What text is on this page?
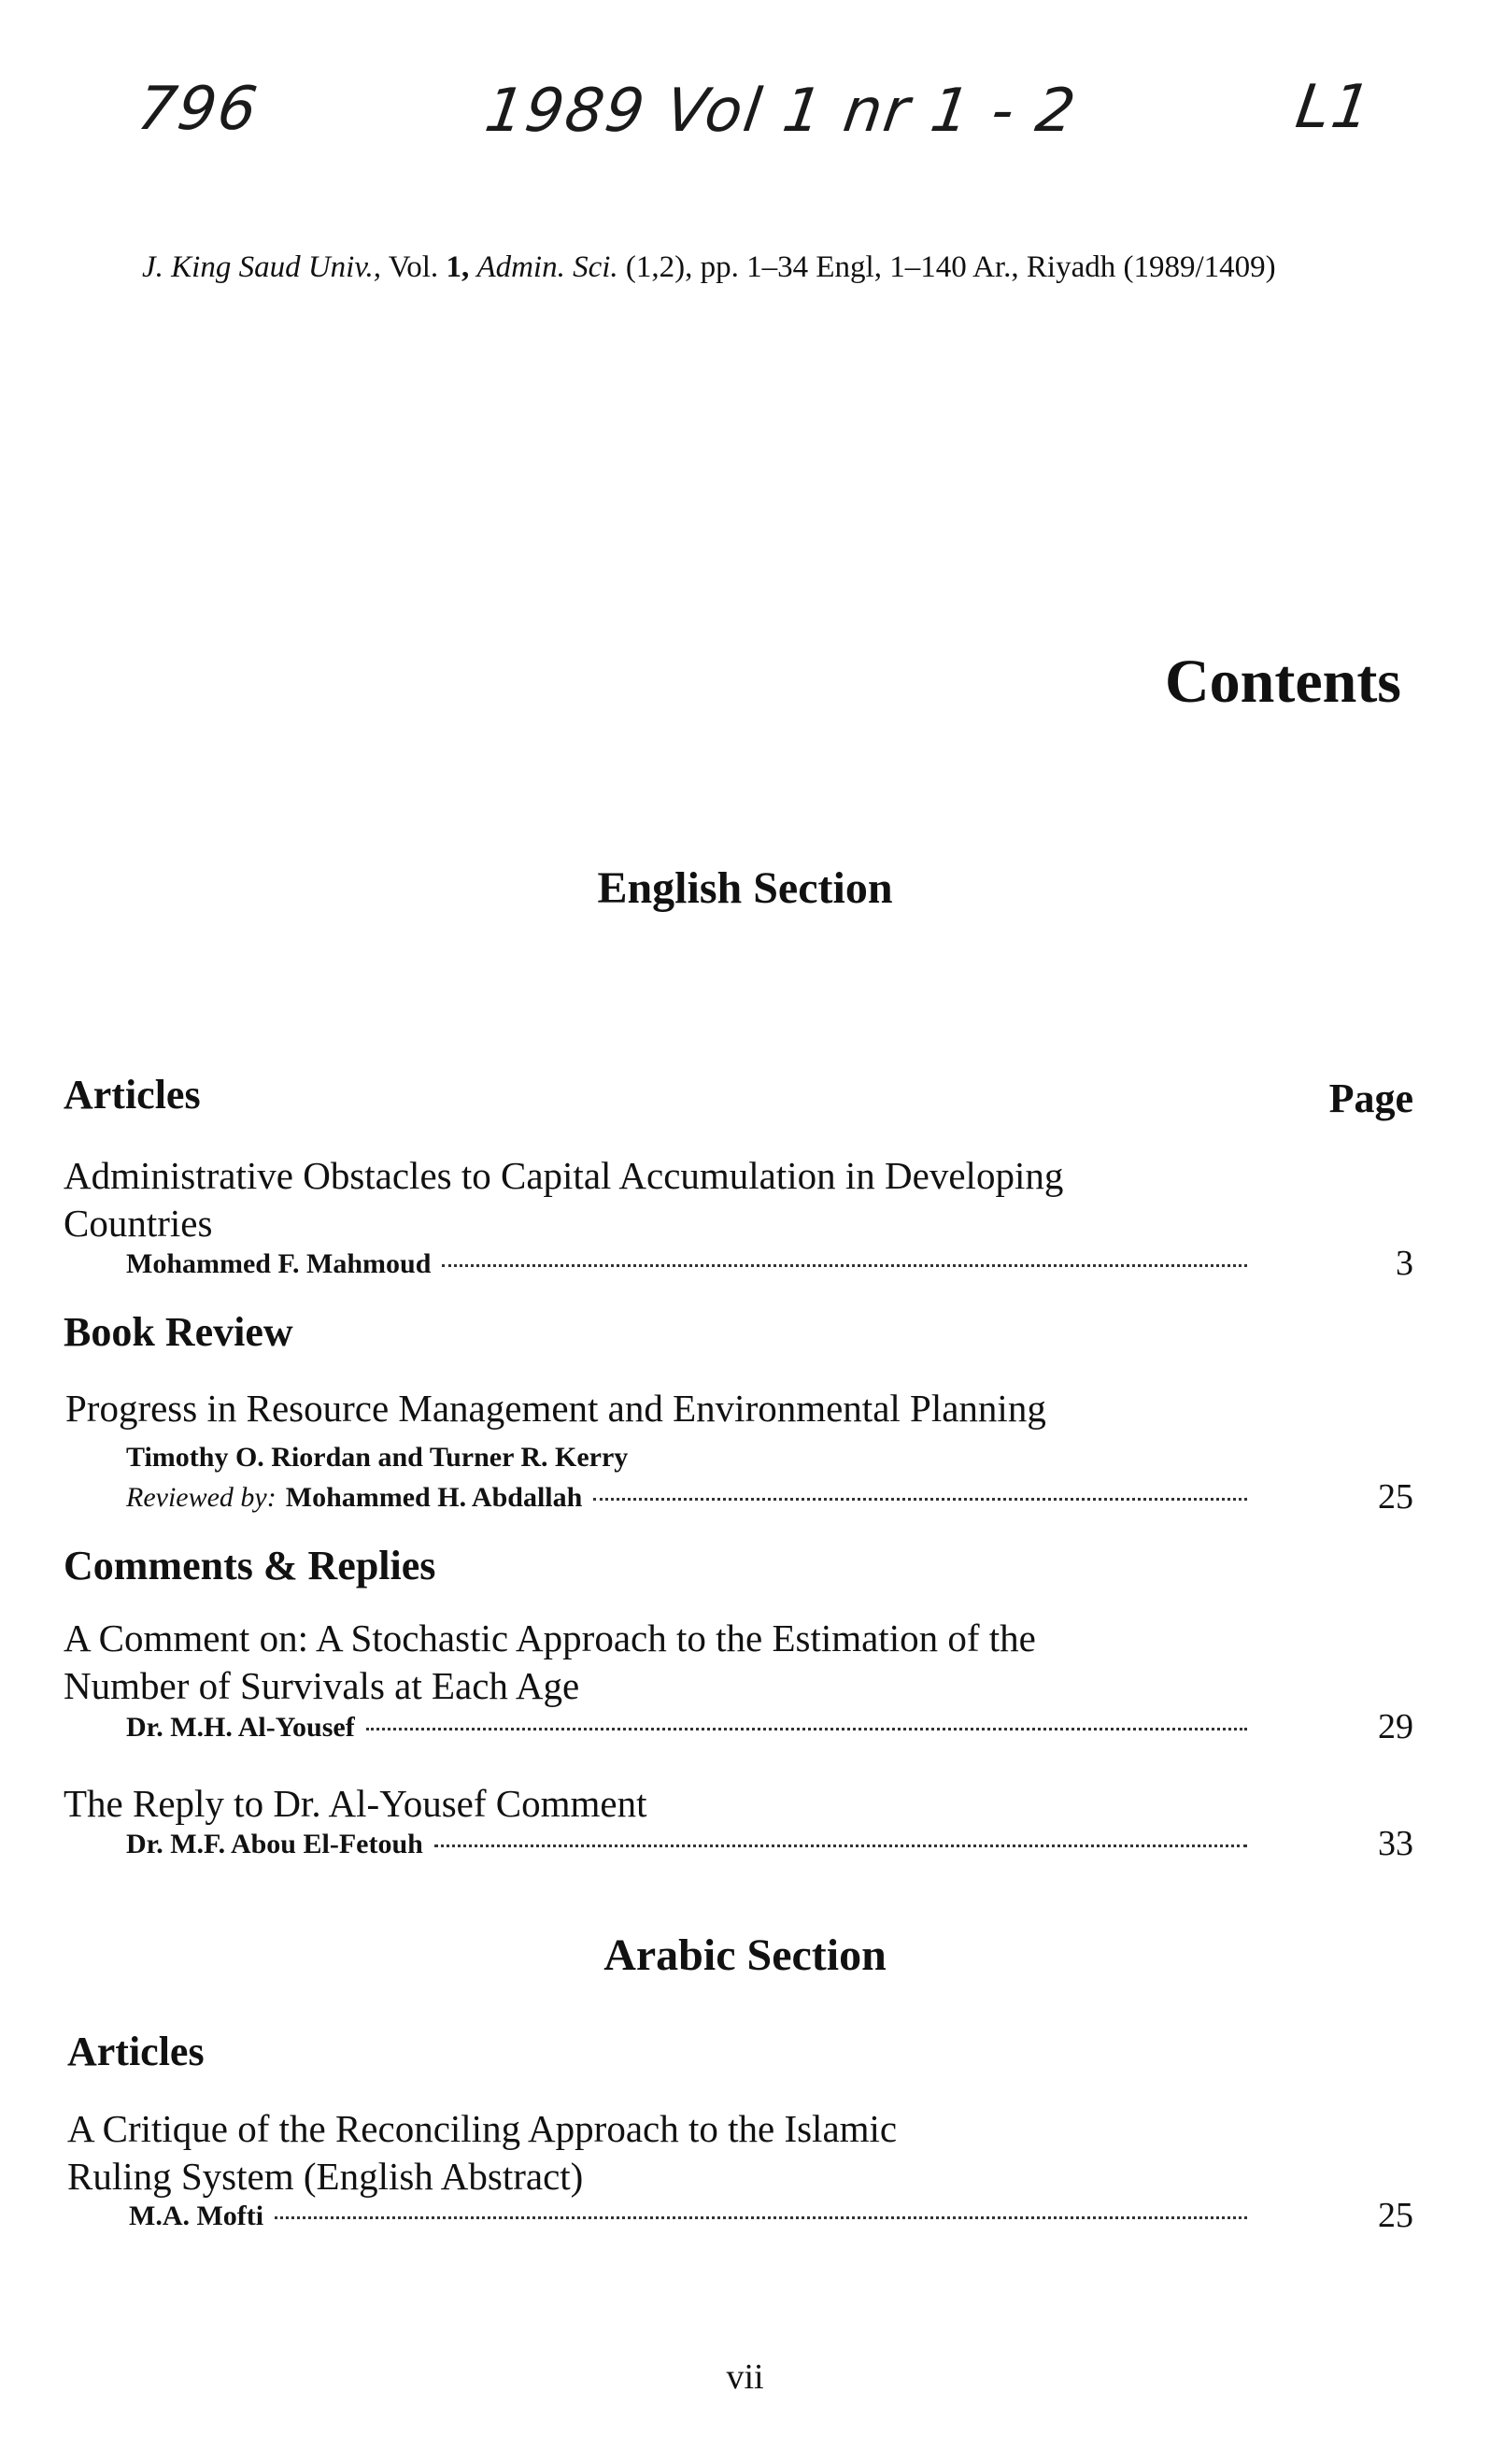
796	1989 Vol 1 nr 1 - 2	L1
J. King Saud Univ., Vol. 1, Admin. Sci. (1,2), pp. 1–34 Engl, 1–140 Ar., Riyadh (1989/1409)
Contents
English Section
Articles	Page
Administrative Obstacles to Capital Accumulation in Developing
Countries
Mohammed F. Mahmoud	3
Book Review
Progress in Resource Management and Environmental Planning
Timothy O. Riordan and Turner R. Kerry
Reviewed by: Mohammed H. Abdallah	25
Comments & Replies
A Comment on: A Stochastic Approach to the Estimation of the
Number of Survivals at Each Age
Dr. M.H. Al-Yousef	29
The Reply to Dr. Al-Yousef Comment
Dr. M.F. Abou El-Fetouh	33
Arabic Section
Articles
A Critique of the Reconciling Approach to the Islamic
Ruling System (English Abstract)
M.A. Mofti	25
vii
